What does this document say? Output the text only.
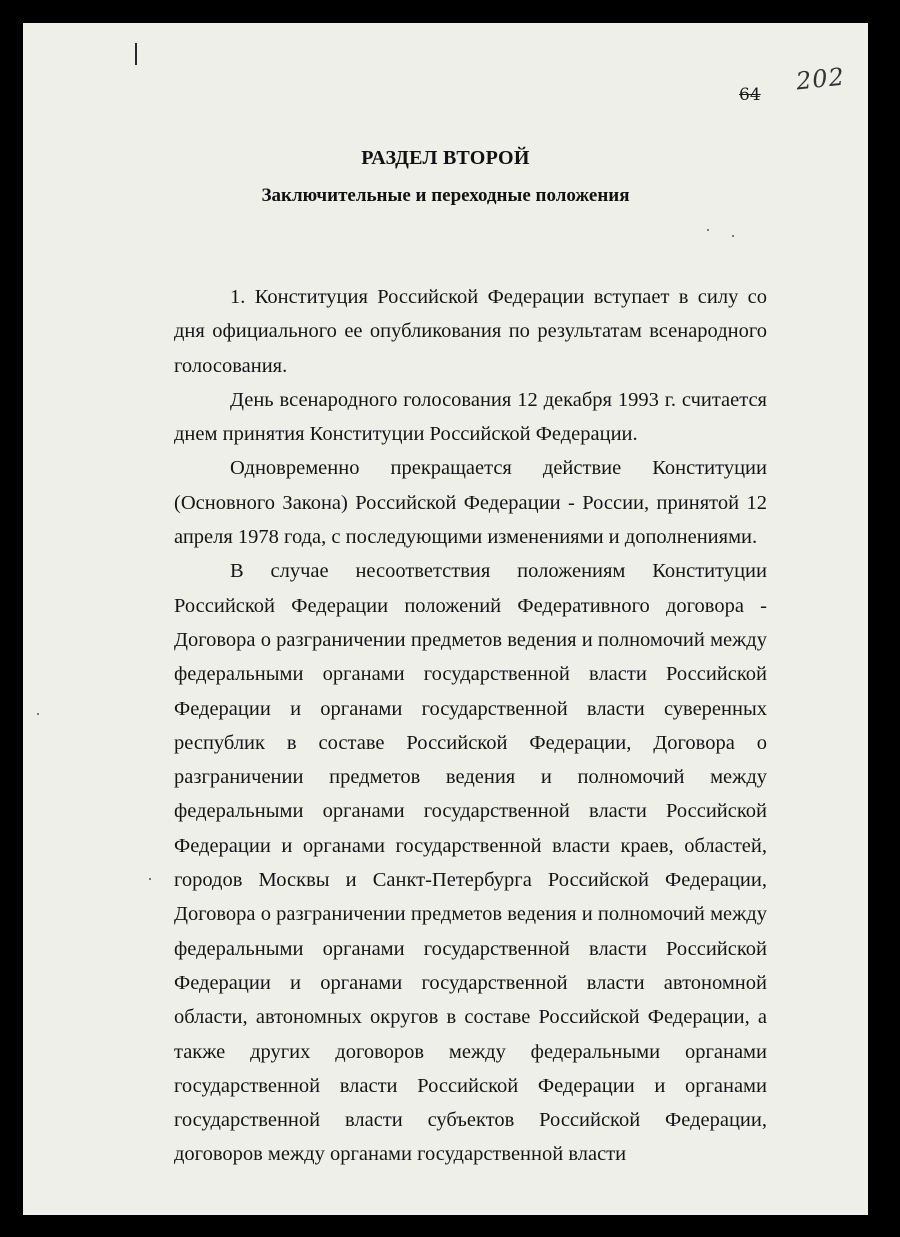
64 202
РАЗДЕЛ ВТОРОЙ
Заключительные и переходные положения

1. Конституция Российской Федерации вступает в силу со дня официального ее опубликования по результатам всенародного голосования.

День всенародного голосования 12 декабря 1993 г. считается днем принятия Конституции Российской Федерации.

Одновременно прекращается действие Конституции (Основного Закона) Российской Федерации - России, принятой 12 апреля 1978 года, с последующими изменениями и дополнениями.

В случае несоответствия положениям Конституции Российской Федерации положений Федеративного договора - Договора о разграничении предметов ведения и полномочий между федеральными органами государственной власти Российской Федерации и органами государственной власти суверенных республик в составе Российской Федерации, Договора о разграничении предметов ведения и полномочий между федеральными органами государственной власти Российской Федерации и органами государственной власти краев, областей, городов Москвы и Санкт-Петербурга Российской Федерации, Договора о разграничении предметов ведения и полномочий между федеральными органами государственной власти Российской Федерации и органами государственной власти автономной области, автономных округов в составе Российской Федерации, а также других договоров между федеральными органами государственной власти Российской Федерации и органами государственной власти субъектов Российской Федерации, договоров между органами государственной власти
